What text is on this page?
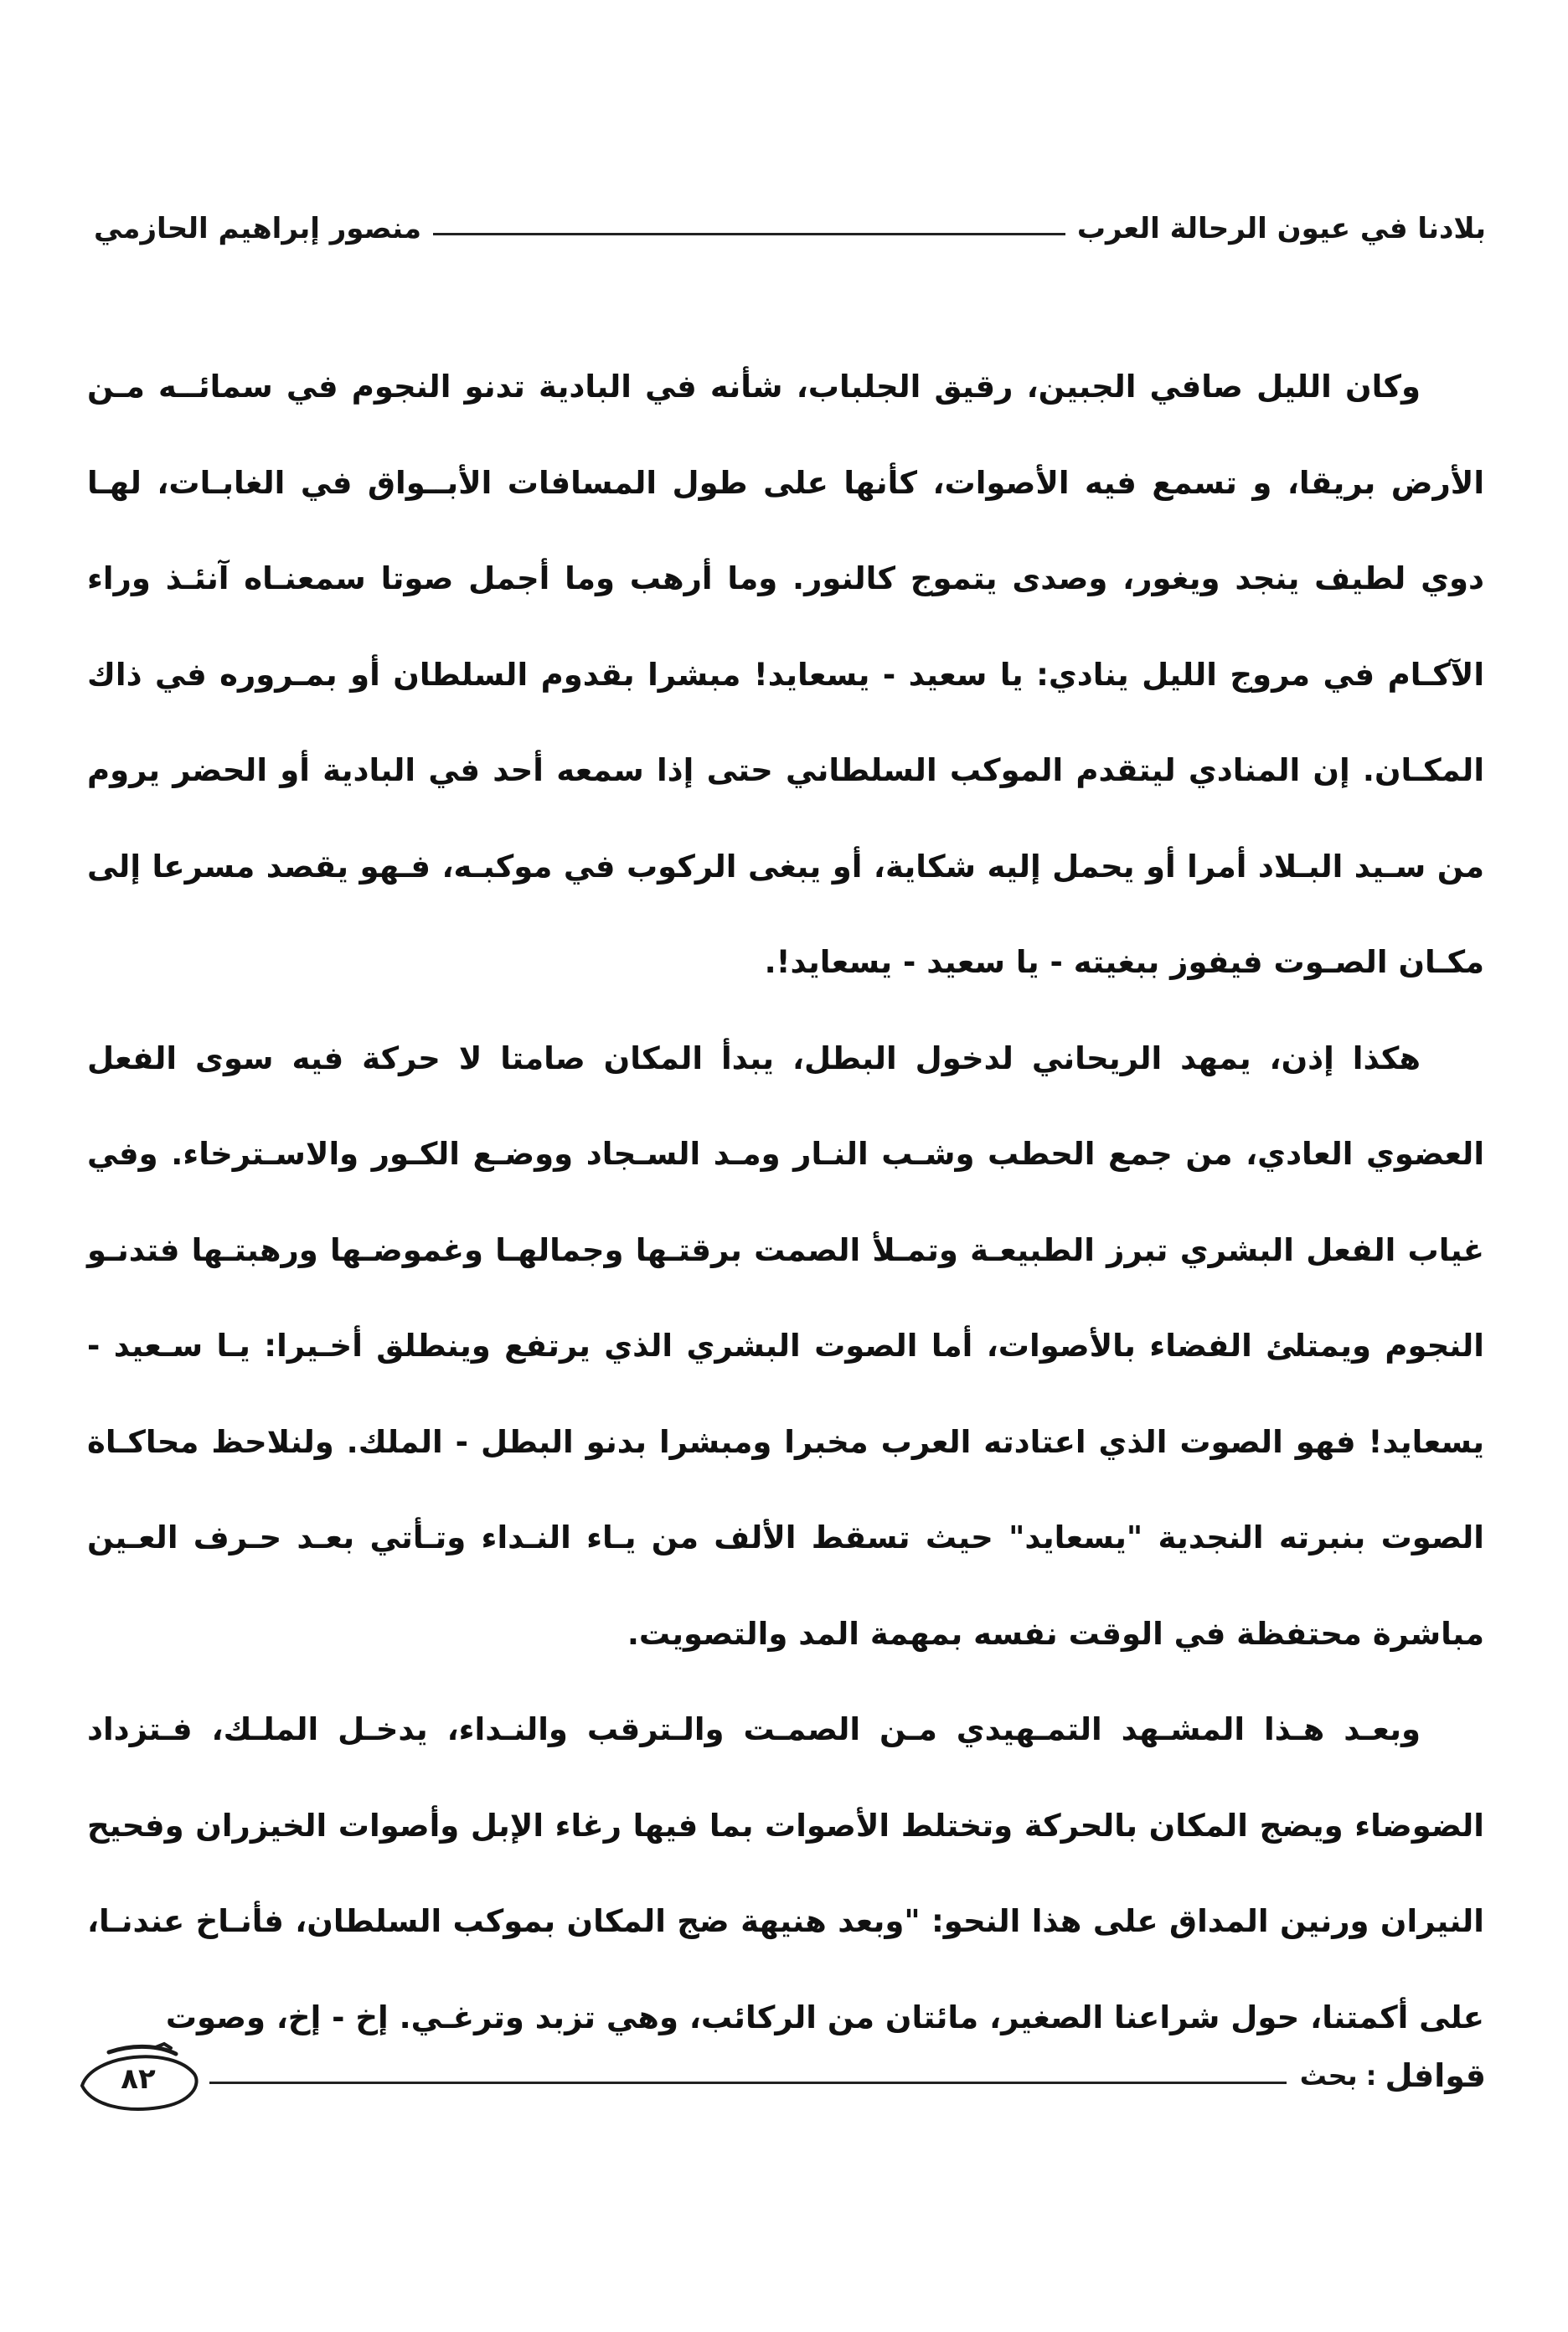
بلادنا في عيون الرحالة العرب
منصور إبراهيم الحازمي

وكان الليل صافي الجبين، رقيق الجلباب، شأنه في البادية تدنو النجوم في سمائــه مـن الأرض بريقا، و تسمع فيه الأصوات، كأنها على طول المسافات الأبــواق في الغابـات، لهـا دوي لطيف ينجد ويغور، وصدى يتموج كالنور. وما أرهب وما أجمل صوتا سمعنـاه آنئـذ وراء الآكـام في مروج الليل ينادي: يا سعيد - يسعايد! مبشرا بقدوم السلطان أو بمـروره في ذاك المكـان. إن المنادي ليتقدم الموكب السلطاني حتى إذا سمعه أحد في البادية أو الحضر يروم من سـيد البـلاد أمرا أو يحمل إليه شكاية، أو يبغى الركوب في موكبـه، فـهو يقصد مسرعا إلى مكـان الصـوت فيفوز ببغيته - يا سعيد - يسعايد!.

هكذا إذن، يمهد الريحاني لدخول البطل، يبدأ المكان صامتا لا حركة فيه سوى الفعل العضوي العادي، من جمع الحطب وشـب النـار ومـد السـجاد ووضـع الكـور والاسـترخاء. وفي غياب الفعل البشري تبرز الطبيعـة وتمـلأ الصمت برقتـها وجمالهـا وغموضـها ورهبتـها فتدنـو النجوم ويمتلئ الفضاء بالأصوات، أما الصوت البشري الذي يرتفع وينطلق أخـيرا: يـا سـعيد - يسعايد! فهو الصوت الذي اعتادته العرب مخبرا ومبشرا بدنو البطل - الملك. ولنلاحظ محاكـاة الصوت بنبرته النجدية "يسعايد" حيث تسقط الألف من يـاء النـداء وتـأتي بعـد حـرف العـين مباشرة محتفظة في الوقت نفسه بمهمة المد والتصويت.

وبعـد هـذا المشـهد التمـهيدي مـن الصمـت والـترقب والنـداء، يدخـل الملـك، فـتزداد الضوضاء ويضج المكان بالحركة وتختلط الأصوات بما فيها رغاء الإبل وأصوات الخيزران وفحيح النيران ورنين المداق على هذا النحو: "وبعد هنيهة ضج المكان بموكب السلطان، فأنـاخ عندنـا، على أكمتنا، حول شراعنا الصغير، مائتان من الركائب، وهي تزبد وترغـي. إخ - إخ، وصوت

قوافل
:
بحث
٨٢
